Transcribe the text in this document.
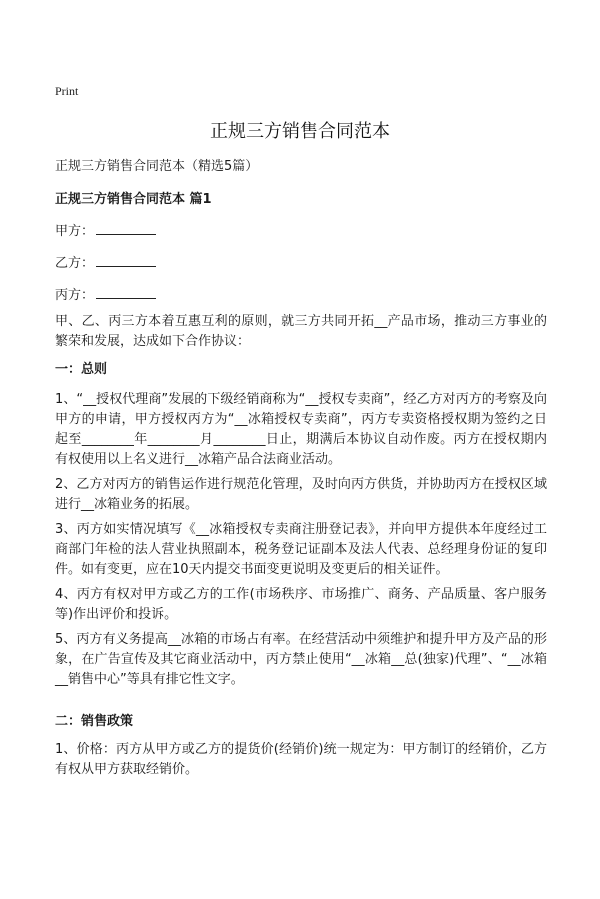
Print
正规三方销售合同范本
正规三方销售合同范本（精选5篇）
正规三方销售合同范本 篇1
甲方：
乙方：
丙方：

甲、乙、丙三方本着互惠互利的原则，就三方共同开拓__产品市场，推动三方事业的繁荣和发展，达成如下合作协议：

一：总则

1、“__授权代理商”发展的下级经销商称为“__授权专卖商”，经乙方对丙方的考察及向甲方的申请，甲方授权丙方为“__冰箱授权专卖商”，丙方专卖资格授权期为签约之日起至________年________月________日止，期满后本协议自动作废。丙方在授权期内有权使用以上名义进行__冰箱产品合法商业活动。

2、乙方对丙方的销售运作进行规范化管理，及时向丙方供货，并协助丙方在授权区域进行__冰箱业务的拓展。

3、丙方如实情况填写《__冰箱授权专卖商注册登记表》，并向甲方提供本年度经过工商部门年检的法人营业执照副本，税务登记证副本及法人代表、总经理身份证的复印件。如有变更，应在10天内提交书面变更说明及变更后的相关证件。

4、丙方有权对甲方或乙方的工作(市场秩序、市场推广、商务、产品质量、客户服务等)作出评价和投诉。

5、丙方有义务提高__冰箱的市场占有率。在经营活动中须维护和提升甲方及产品的形象，在广告宣传及其它商业活动中，丙方禁止使用“__冰箱__总(独家)代理”、“__冰箱__销售中心”等具有排它性文字。

二：销售政策

1、价格：丙方从甲方或乙方的提货价(经销价)统一规定为：甲方制订的经销价，乙方有权从甲方获取经销价。
